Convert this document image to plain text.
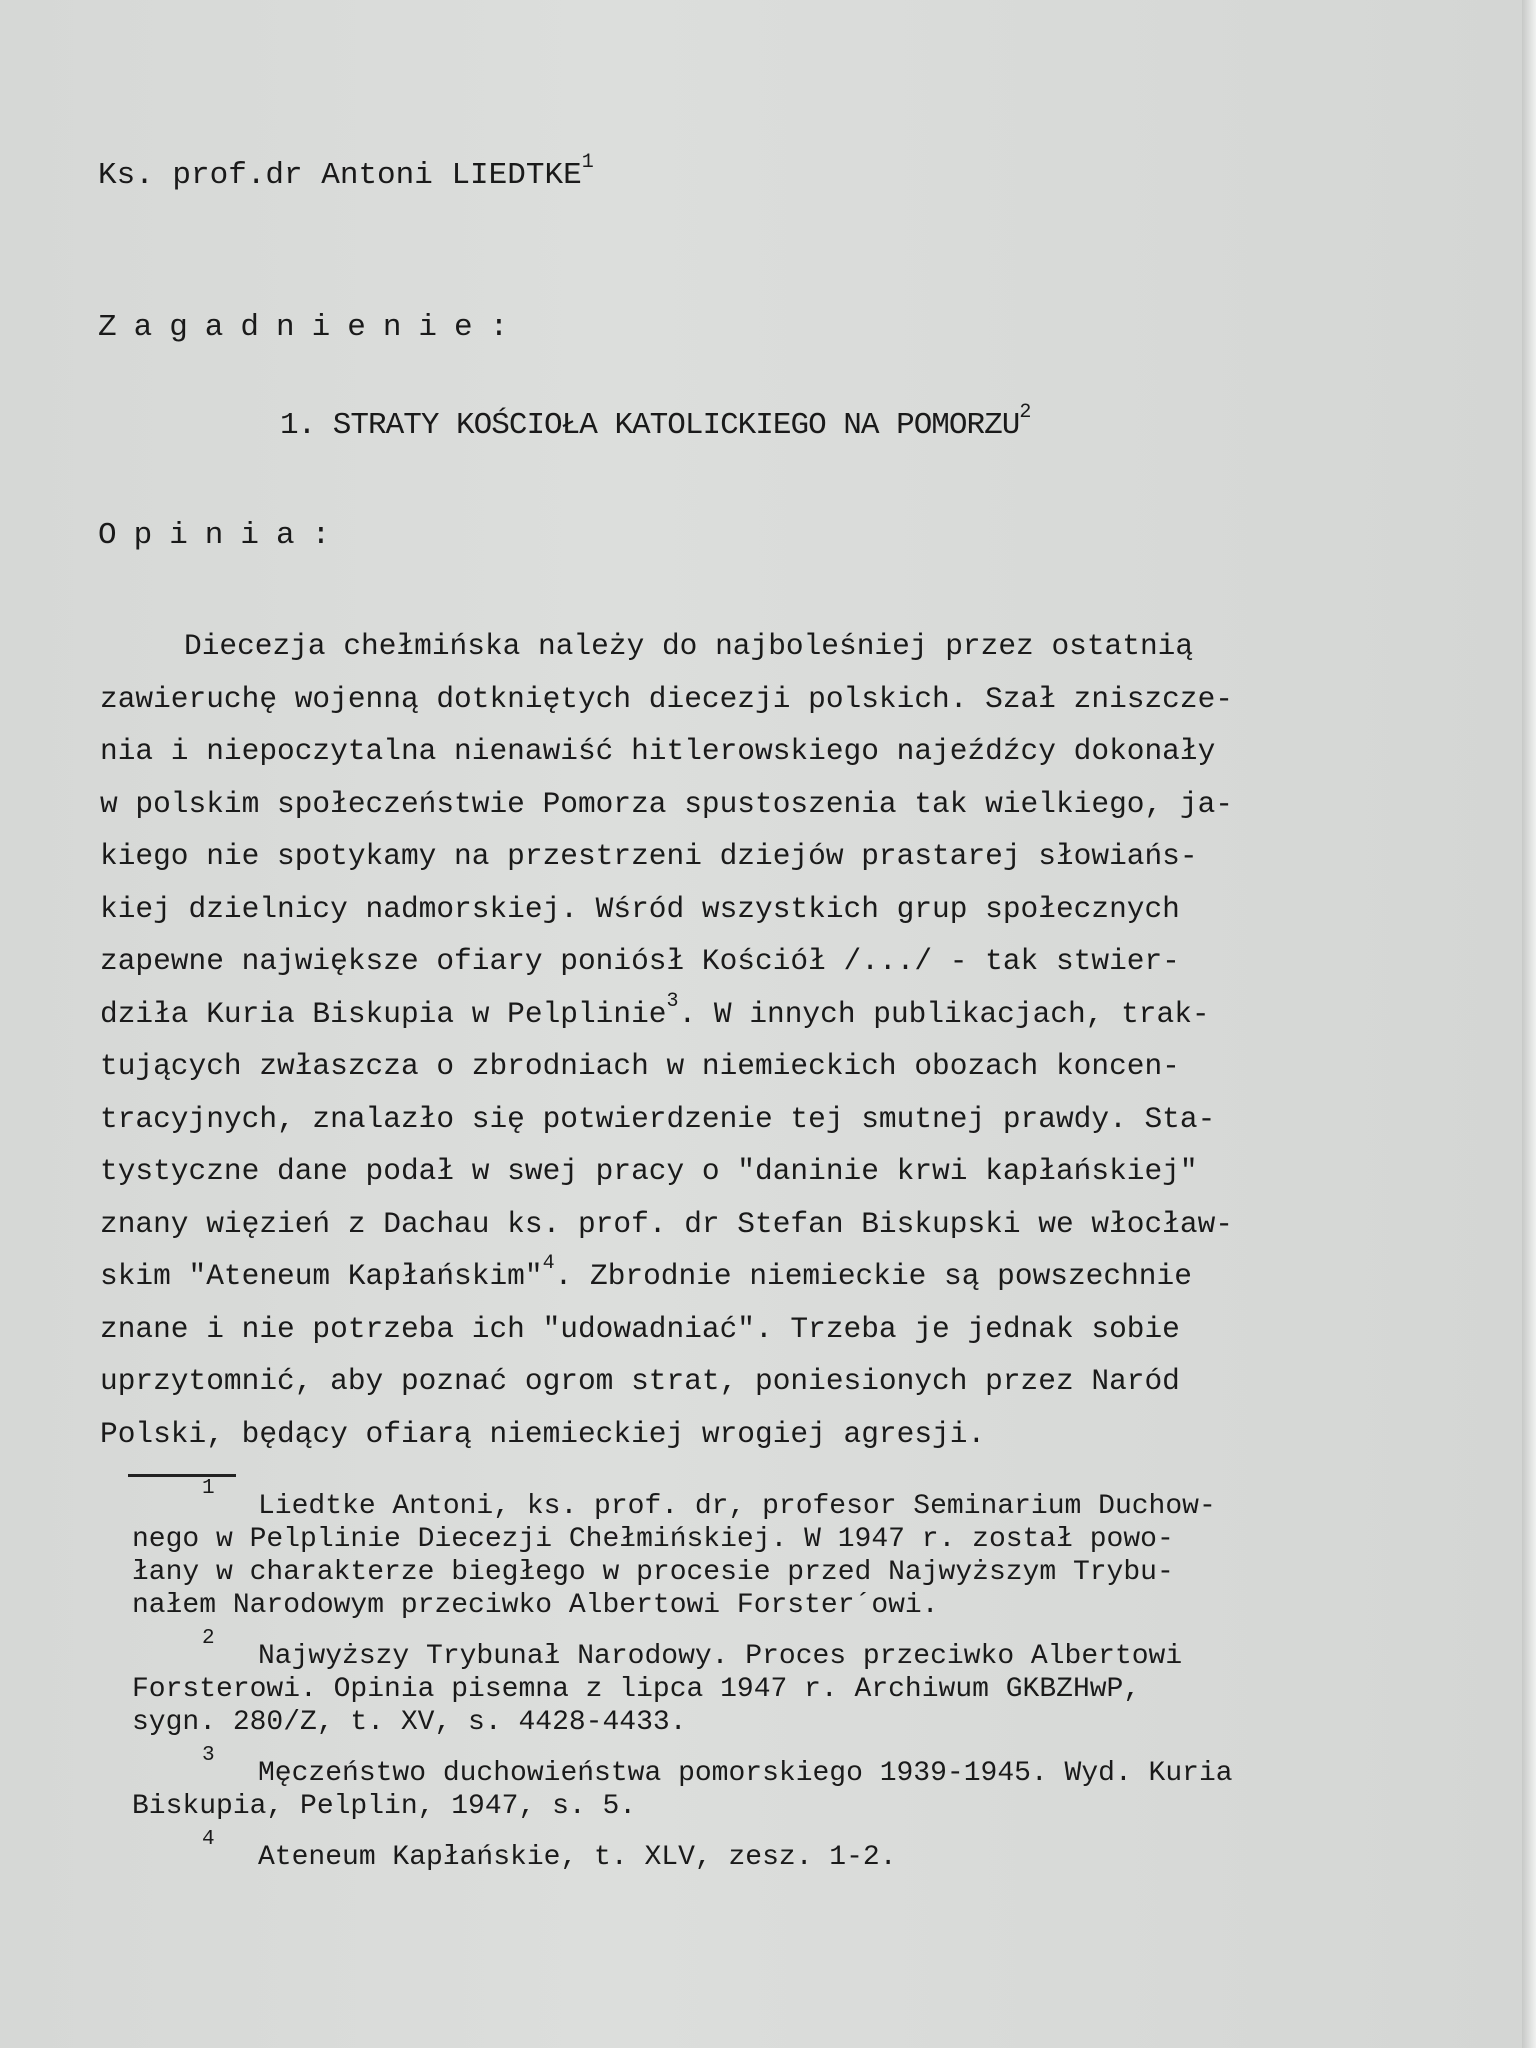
Ks. prof.dr Antoni LIEDTKE$^1$
Zagadnienie:
1. STRATY KOŚCIOŁA KATOLICKIEGO NA POMORZU$^2$
Opinia:
Diecezja chełmińska należy do najboleśniej przez ostatnią
zawieruchę wojenną dotkniętych diecezji polskich. Szał zniszcze-
nia i niepoczytalna nienawiść hitlerowskiego najeźdźcy dokonały
w polskim społeczeństwie Pomorza spustoszenia tak wielkiego, ja-
kiego nie spotykamy na przestrzeni dziejów prastarej słowiańs-
kiej dzielnicy nadmorskiej. Wśród wszystkich grup społecznych
zapewne największe ofiary poniósł Kościół /.../ - tak stwier-
dziła Kuria Biskupia w Pelplinie$^3$. W innych publikacjach, trak-
tujących zwłaszcza o zbrodniach w niemieckich obozach koncen-
tracyjnych, znalazło się potwierdzenie tej smutnej prawdy. Sta-
tystyczne dane podał w swej pracy o "daninie krwi kapłańskiej"
znany więzień z Dachau ks. prof. dr Stefan Biskupski we włocław-
skim "Ateneum Kapłańskim"$^4$. Zbrodnie niemieckie są powszechnie
znane i nie potrzeba ich "udowadniać". Trzeba je jednak sobie
uprzytomnić, aby poznać ogrom strat, poniesionych przez Naród
Polski, będący ofiarą niemieckiej wrogiej agresji.
1
Liedtke Antoni, ks. prof. dr, profesor Seminarium Duchow-
nego w Pelplinie Diecezji Chełmińskiej. W 1947 r. został powo-
łany w charakterze biegłego w procesie przed Najwyższym Trybu-
nałem Narodowym przeciwko Albertowi Forster´owi.
2
Najwyższy Trybunał Narodowy. Proces przeciwko Albertowi
Forsterowi. Opinia pisemna z lipca 1947 r. Archiwum GKBZHwP,
sygn. 280/Z, t. XV, s. 4428-4433.
3
Męczeństwo duchowieństwa pomorskiego 1939-1945. Wyd. Kuria
Biskupia, Pelplin, 1947, s. 5.
4
Ateneum Kapłańskie, t. XLV, zesz. 1-2.
